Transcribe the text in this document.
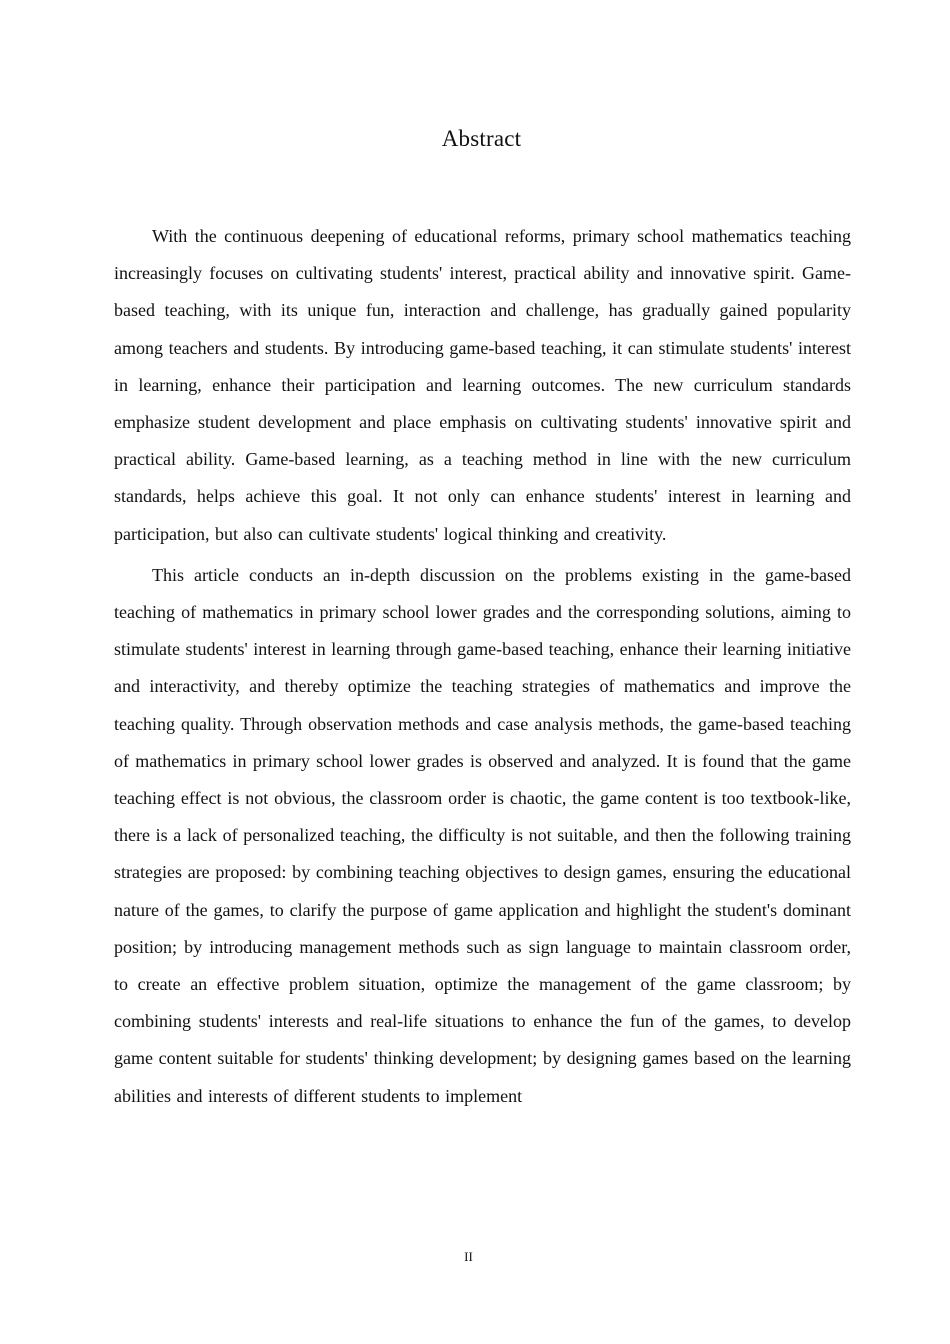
Abstract

With the continuous deepening of educational reforms, primary school mathematics teaching increasingly focuses on cultivating students' interest, practical ability and innovative spirit. Game-based teaching, with its unique fun, interaction and challenge, has gradually gained popularity among teachers and students. By introducing game-based teaching, it can stimulate students' interest in learning, enhance their participation and learning outcomes. The new curriculum standards emphasize student development and place emphasis on cultivating students' innovative spirit and practical ability. Game-based learning, as a teaching method in line with the new curriculum standards, helps achieve this goal. It not only can enhance students' interest in learning and participation, but also can cultivate students' logical thinking and creativity.

This article conducts an in-depth discussion on the problems existing in the game-based teaching of mathematics in primary school lower grades and the corresponding solutions, aiming to stimulate students' interest in learning through game-based teaching, enhance their learning initiative and interactivity, and thereby optimize the teaching strategies of mathematics and improve the teaching quality. Through observation methods and case analysis methods, the game-based teaching of mathematics in primary school lower grades is observed and analyzed. It is found that the game teaching effect is not obvious, the classroom order is chaotic, the game content is too textbook-like, there is a lack of personalized teaching, the difficulty is not suitable, and then the following training strategies are proposed: by combining teaching objectives to design games, ensuring the educational nature of the games, to clarify the purpose of game application and highlight the student's dominant position; by introducing management methods such as sign language to maintain classroom order, to create an effective problem situation, optimize the management of the game classroom; by combining students' interests and real-life situations to enhance the fun of the games, to develop game content suitable for students' thinking development; by designing games based on the learning abilities and interests of different students to implement

II
